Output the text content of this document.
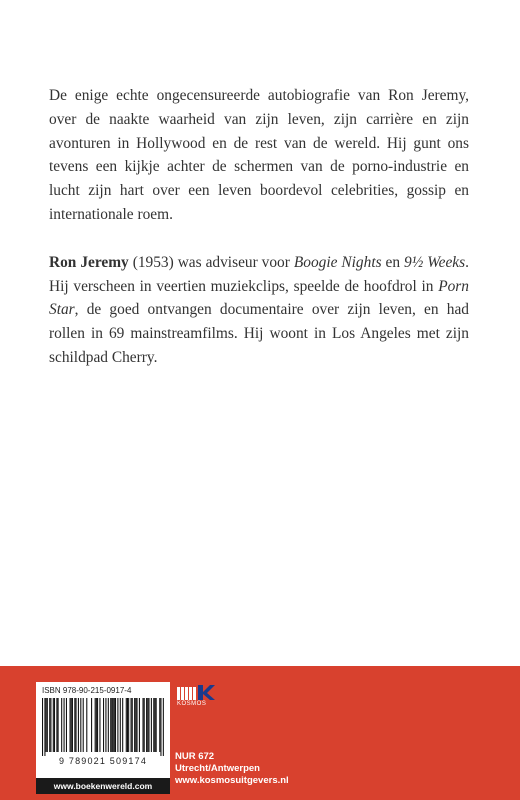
De enige echte ongecensureerde autobiografie van Ron Jeremy, over de naakte waarheid van zijn leven, zijn carrière en zijn avonturen in Hollywood en de rest van de wereld. Hij gunt ons tevens een kijkje achter de schermen van de porno-industrie en lucht zijn hart over een leven boordevol celebrities, gossip en internationale roem.

Ron Jeremy (1953) was adviseur voor Boogie Nights en 9½ Weeks. Hij verscheen in veertien muziekclips, speelde de hoofdrol in Porn Star, de goed ontvangen documentaire over zijn leven, en had rollen in 69 mainstreamfilms. Hij woont in Los Angeles met zijn schildpad Cherry.

ISBN 978-90-215-0917-4
9 789021 509174
www.boekenwereld.com
KOSMOS
NUR 672
Utrecht/Antwerpen
www.kosmosuitgevers.nl
